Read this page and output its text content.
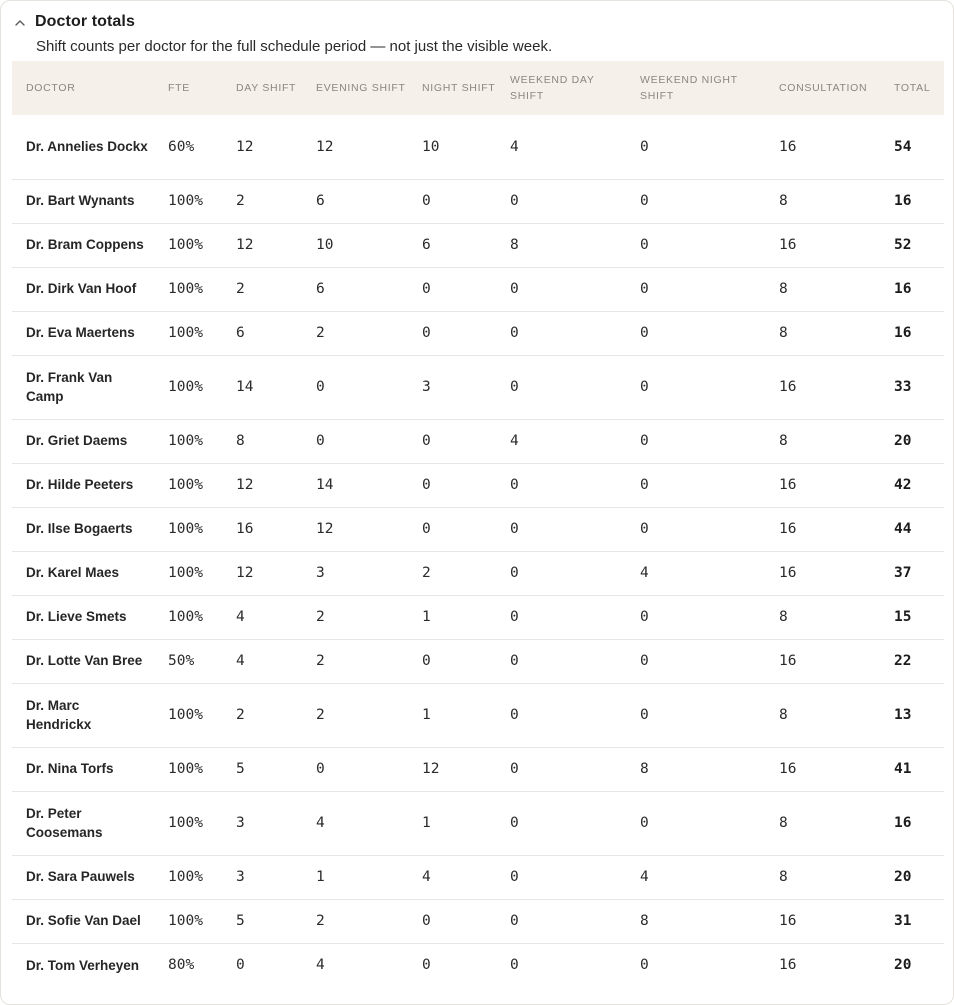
Doctor totals
Shift counts per doctor for the full schedule period — not just the visible week.
DOCTOR	FTE	DAY SHIFT	EVENING SHIFT	NIGHT SHIFT	WEEKEND DAY SHIFT	WEEKEND NIGHT SHIFT	CONSULTATION	TOTAL
Dr. Annelies Dockx	60%	12	12	10	4	0	16	54
Dr. Bart Wynants	100%	2	6	0	0	0	8	16
Dr. Bram Coppens	100%	12	10	6	8	0	16	52
Dr. Dirk Van Hoof	100%	2	6	0	0	0	8	16
Dr. Eva Maertens	100%	6	2	0	0	0	8	16
Dr. Frank Van Camp	100%	14	0	3	0	0	16	33
Dr. Griet Daems	100%	8	0	0	4	0	8	20
Dr. Hilde Peeters	100%	12	14	0	0	0	16	42
Dr. Ilse Bogaerts	100%	16	12	0	0	0	16	44
Dr. Karel Maes	100%	12	3	2	0	4	16	37
Dr. Lieve Smets	100%	4	2	1	0	0	8	15
Dr. Lotte Van Bree	50%	4	2	0	0	0	16	22
Dr. Marc Hendrickx	100%	2	2	1	0	0	8	13
Dr. Nina Torfs	100%	5	0	12	0	8	16	41
Dr. Peter Coosemans	100%	3	4	1	0	0	8	16
Dr. Sara Pauwels	100%	3	1	4	0	4	8	20
Dr. Sofie Van Dael	100%	5	2	0	0	8	16	31
Dr. Tom Verheyen	80%	0	4	0	0	0	16	20
